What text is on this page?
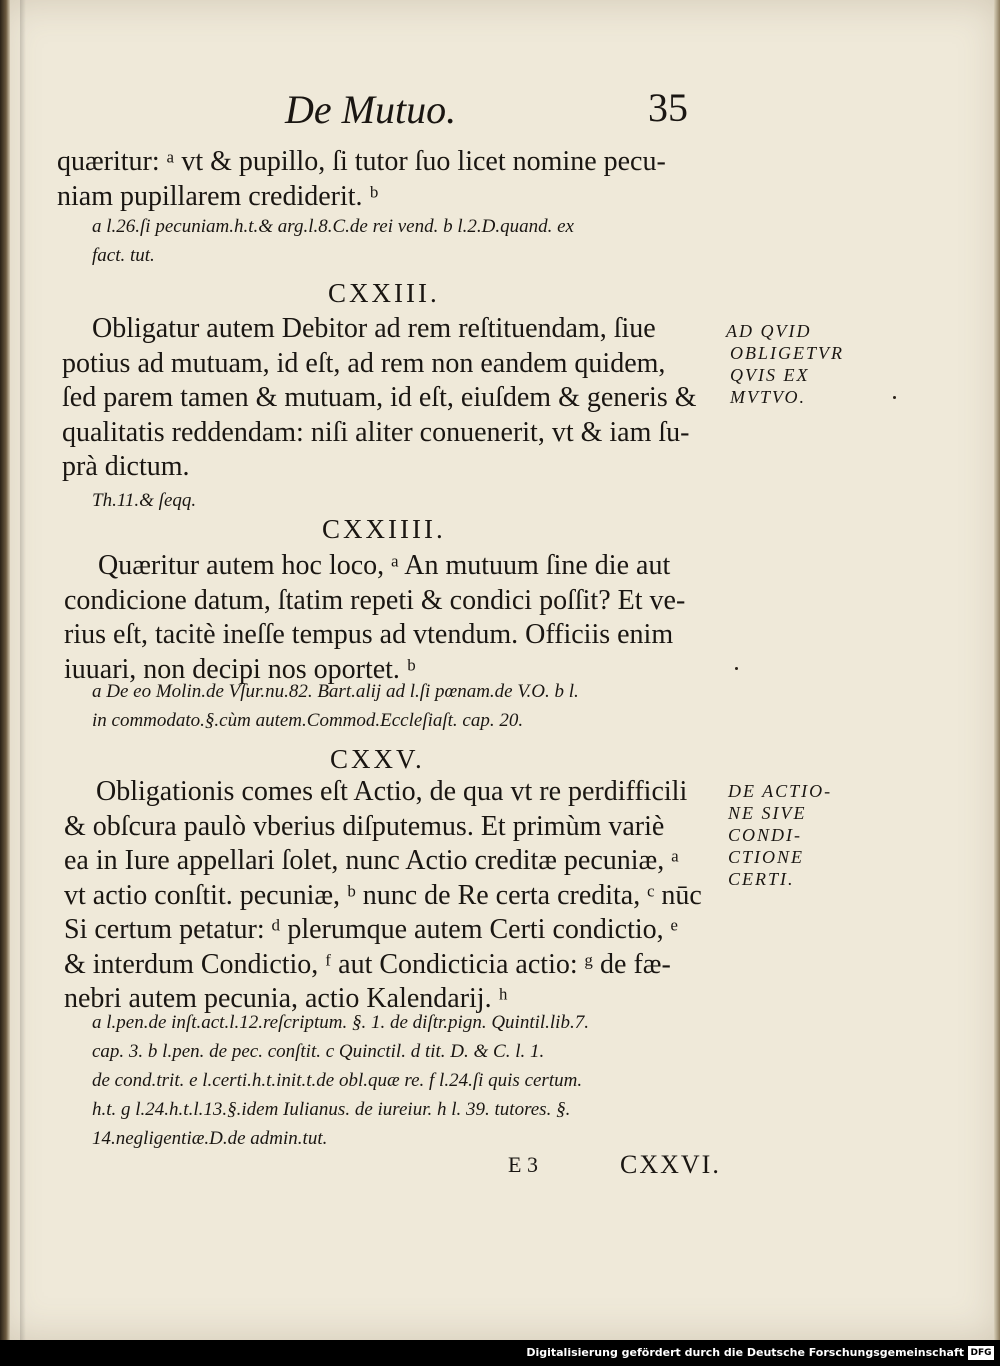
De Mutuo.	35
quæritur: ᵃ vt & pupillo, ſi tutor ſuo licet nomine pecu-
niam pupillarem crediderit. ᵇ
a l.26.ſi pecuniam.h.t.& arg.l.8.C.de rei vend. b l.2.D.quand. ex
fact. tut.
CXXIII.
Obligatur autem Debitor ad rem reſtituendam, ſiue
potius ad mutuam, id eſt, ad rem non eandem quidem,
ſed parem tamen & mutuam, id eſt, eiuſdem & generis &
qualitatis reddendam: niſi aliter conuenerit, vt & iam ſu-
prà dictum.
Th.11.& ſeqq.
AD QVID
OBLIGETVR
QVIS EX
MVTVO.
CXXIIII.
Quæritur autem hoc loco, ᵃ An mutuum ſine die aut
condicione datum, ſtatim repeti & condici poſſit? Et ve-
rius eſt, tacitè ineſſe tempus ad vtendum. Officiis enim
iuuari, non decipi nos oportet. ᵇ
a De eo Molin.de Vſur.nu.82. Bart.alij ad l.ſi pœnam.de V.O. b l.
in commodato.§.cùm autem.Commod.Eccleſiaſt. cap. 20.
CXXV.
Obligationis comes eſt Actio, de qua vt re perdifficili
& obſcura paulò vberius diſputemus. Et primùm variè
ea in Iure appellari ſolet, nunc Actio creditæ pecuniæ, ᵃ
vt actio conſtit. pecuniæ, ᵇ nunc de Re certa credita, ᶜ nūc
Si certum petatur: ᵈ plerumque autem Certi condictio, ᵉ
& interdum Condictio, ᶠ aut Condicticia actio: ᵍ de fæ-
nebri autem pecunia, actio Kalendarij. ʰ
a l.pen.de inſt.act.l.12.reſcriptum. §. 1. de diſtr.pign. Quintil.lib.7.
cap. 3. b l.pen. de pec. conſtit. c Quinctil. d tit. D. & C. l. 1.
de cond.trit. e l.certi.h.t.init.t.de obl.quæ re. f l.24.ſi quis certum.
h.t. g l.24.h.t.l.13.§.idem Iulianus. de iureiur. h l. 39. tutores. §.
14.negligentiæ.D.de admin.tut.
DE ACTIO-
NE SIVE
CONDI-
CTIONE
CERTI.
E 3	CXXVI.
Digitalisierung gefördert durch die Deutsche Forschungsgemeinschaft DFG
